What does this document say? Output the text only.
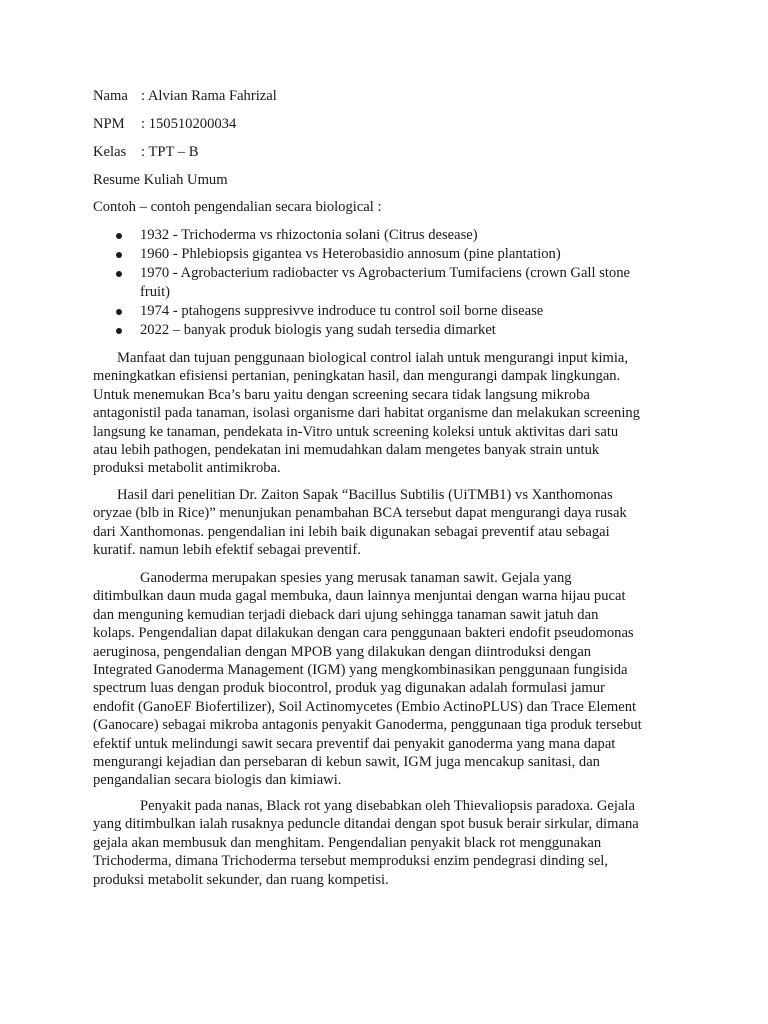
Nama : Alvian Rama Fahrizal
NPM : 150510200034
Kelas : TPT – B
Resume Kuliah Umum
Contoh – contoh pengendalian secara biological :
1932 - Trichoderma vs rhizoctonia solani (Citrus desease)
1960 - Phlebiopsis gigantea vs Heterobasidio annosum (pine plantation)
1970 - Agrobacterium radiobacter vs Agrobacterium Tumifaciens (crown Gall stone
fruit)
1974 - ptahogens suppresivve indroduce tu control soil borne disease
2022 – banyak produk biologis yang sudah tersedia dimarket
Manfaat dan tujuan penggunaan biological control ialah untuk mengurangi input kimia,
meningkatkan efisiensi pertanian, peningkatan hasil, dan mengurangi dampak lingkungan.
Untuk menemukan Bca’s baru yaitu dengan screening secara tidak langsung mikroba
antagonistil pada tanaman, isolasi organisme dari habitat organisme dan melakukan screening
langsung ke tanaman, pendekata in-Vitro untuk screening koleksi untuk aktivitas dari satu
atau lebih pathogen, pendekatan ini memudahkan dalam mengetes banyak strain untuk
produksi metabolit antimikroba.
Hasil dari penelitian Dr. Zaiton Sapak “Bacillus Subtilis (UiTMB1) vs Xanthomonas
oryzae (blb in Rice)” menunjukan penambahan BCA tersebut dapat mengurangi daya rusak
dari Xanthomonas. pengendalian ini lebih baik digunakan sebagai preventif atau sebagai
kuratif. namun lebih efektif sebagai preventif.
Ganoderma merupakan spesies yang merusak tanaman sawit. Gejala yang
ditimbulkan daun muda gagal membuka, daun lainnya menjuntai dengan warna hijau pucat
dan menguning kemudian terjadi dieback dari ujung sehingga tanaman sawit jatuh dan
kolaps. Pengendalian dapat dilakukan dengan cara penggunaan bakteri endofit pseudomonas
aeruginosa, pengendalian dengan MPOB yang dilakukan dengan diintroduksi dengan
Integrated Ganoderma Management (IGM) yang mengkombinasikan penggunaan fungisida
spectrum luas dengan produk biocontrol, produk yag digunakan adalah formulasi jamur
endofit (GanoEF Biofertilizer), Soil Actinomycetes (Embio ActinoPLUS) dan Trace Element
(Ganocare) sebagai mikroba antagonis penyakit Ganoderma, penggunaan tiga produk tersebut
efektif untuk melindungi sawit secara preventif dai penyakit ganoderma yang mana dapat
mengurangi kejadian dan persebaran di kebun sawit, IGM juga mencakup sanitasi, dan
pengandalian secara biologis dan kimiawi.
Penyakit pada nanas, Black rot yang disebabkan oleh Thievaliopsis paradoxa. Gejala
yang ditimbulkan ialah rusaknya peduncle ditandai dengan spot busuk berair sirkular, dimana
gejala akan membusuk dan menghitam. Pengendalian penyakit black rot menggunakan
Trichoderma, dimana Trichoderma tersebut memproduksi enzim pendegrasi dinding sel,
produksi metabolit sekunder, dan ruang kompetisi.
